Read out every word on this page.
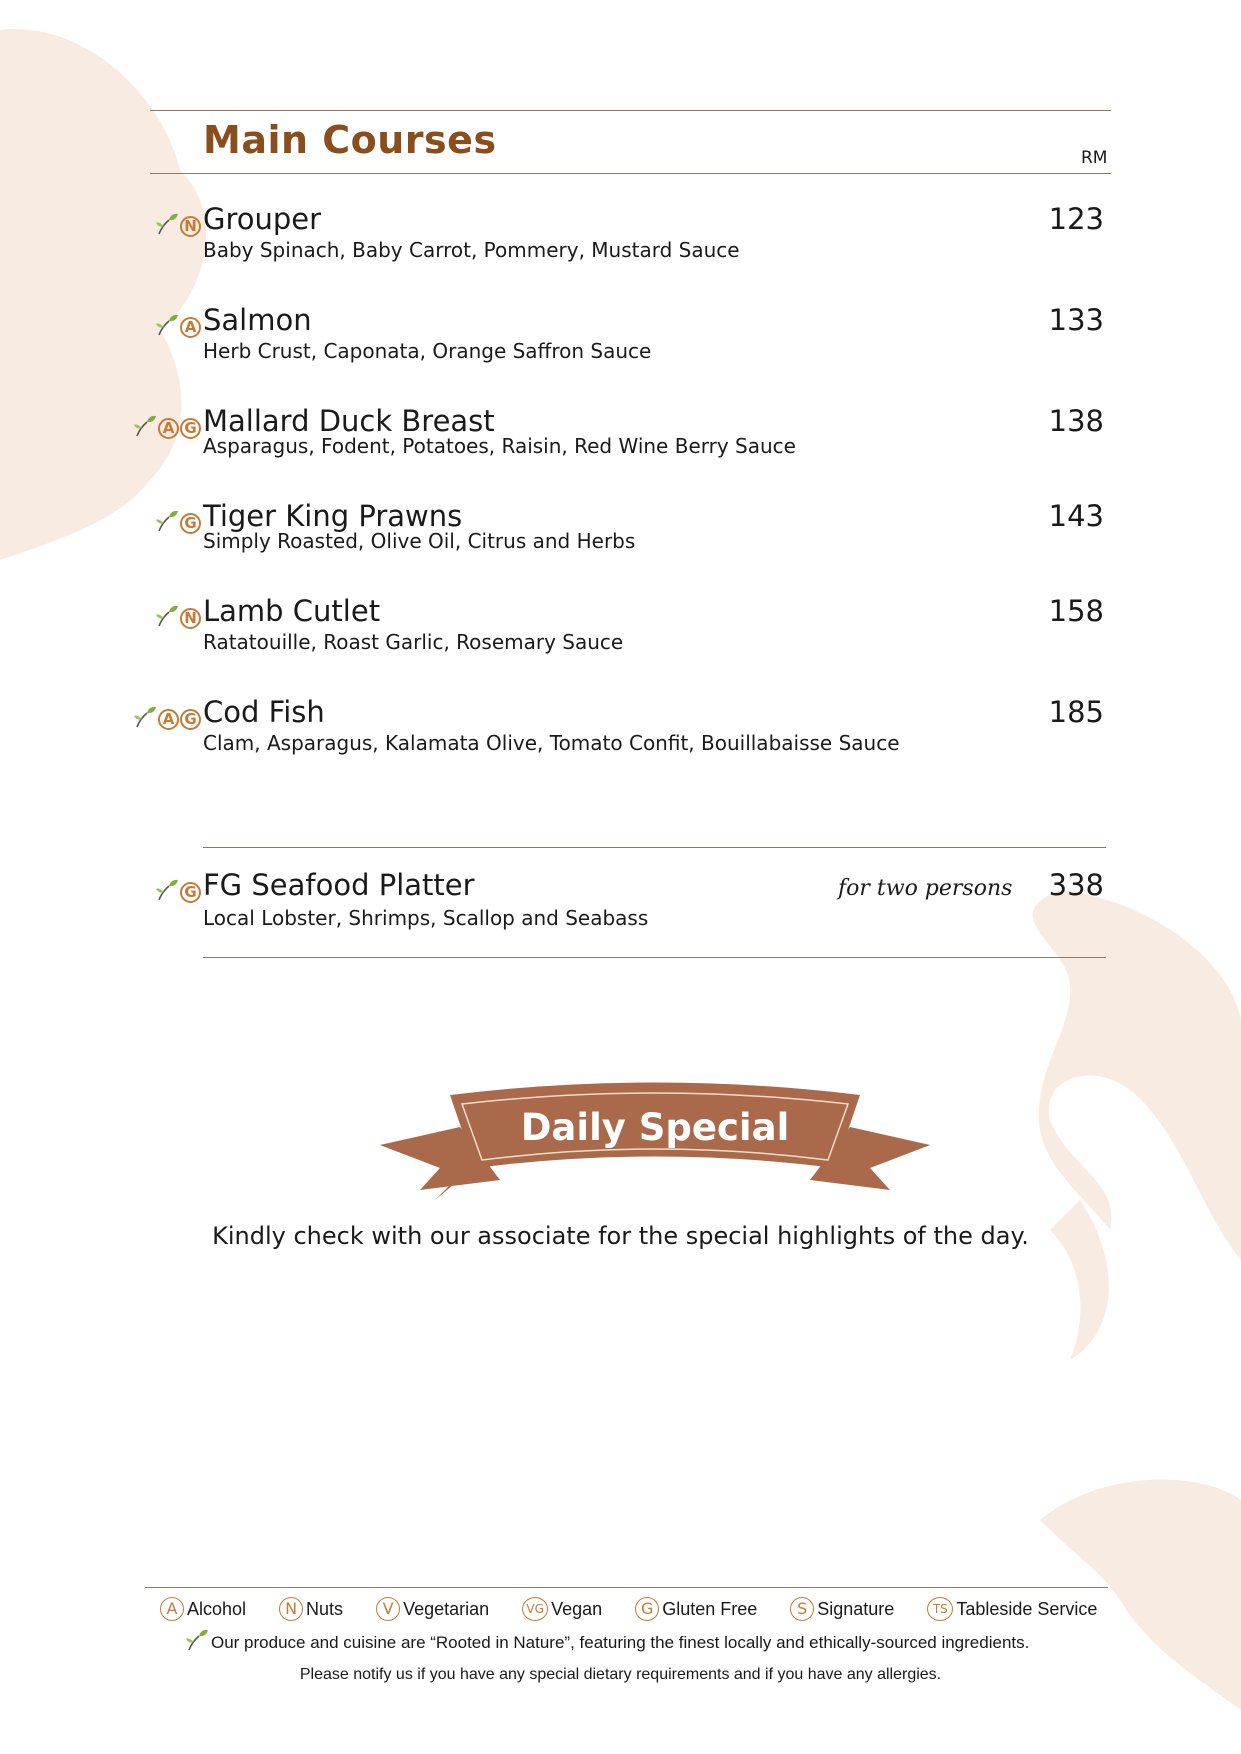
Main Courses	RM
N Grouper	123
Baby Spinach, Baby Carrot, Pommery, Mustard Sauce
A Salmon	133
Herb Crust, Caponata, Orange Saffron Sauce
A G Mallard Duck Breast	138
Asparagus, Fodent, Potatoes, Raisin, Red Wine Berry Sauce
G Tiger King Prawns	143
Simply Roasted, Olive Oil, Citrus and Herbs
N Lamb Cutlet	158
Ratatouille, Roast Garlic, Rosemary Sauce
A G Cod Fish	185
Clam, Asparagus, Kalamata Olive, Tomato Confit, Bouillabaisse Sauce
G FG Seafood Platter	for two persons 338
Local Lobster, Shrimps, Scallop and Seabass
Daily Special
Kindly check with our associate for the special highlights of the day.
A Alcohol	N Nuts	V Vegetarian	VG Vegan	G Gluten Free	S Signature	TS Tableside Service
Our produce and cuisine are “Rooted in Nature”, featuring the finest locally and ethically-sourced ingredients.
Please notify us if you have any special dietary requirements and if you have any allergies.
